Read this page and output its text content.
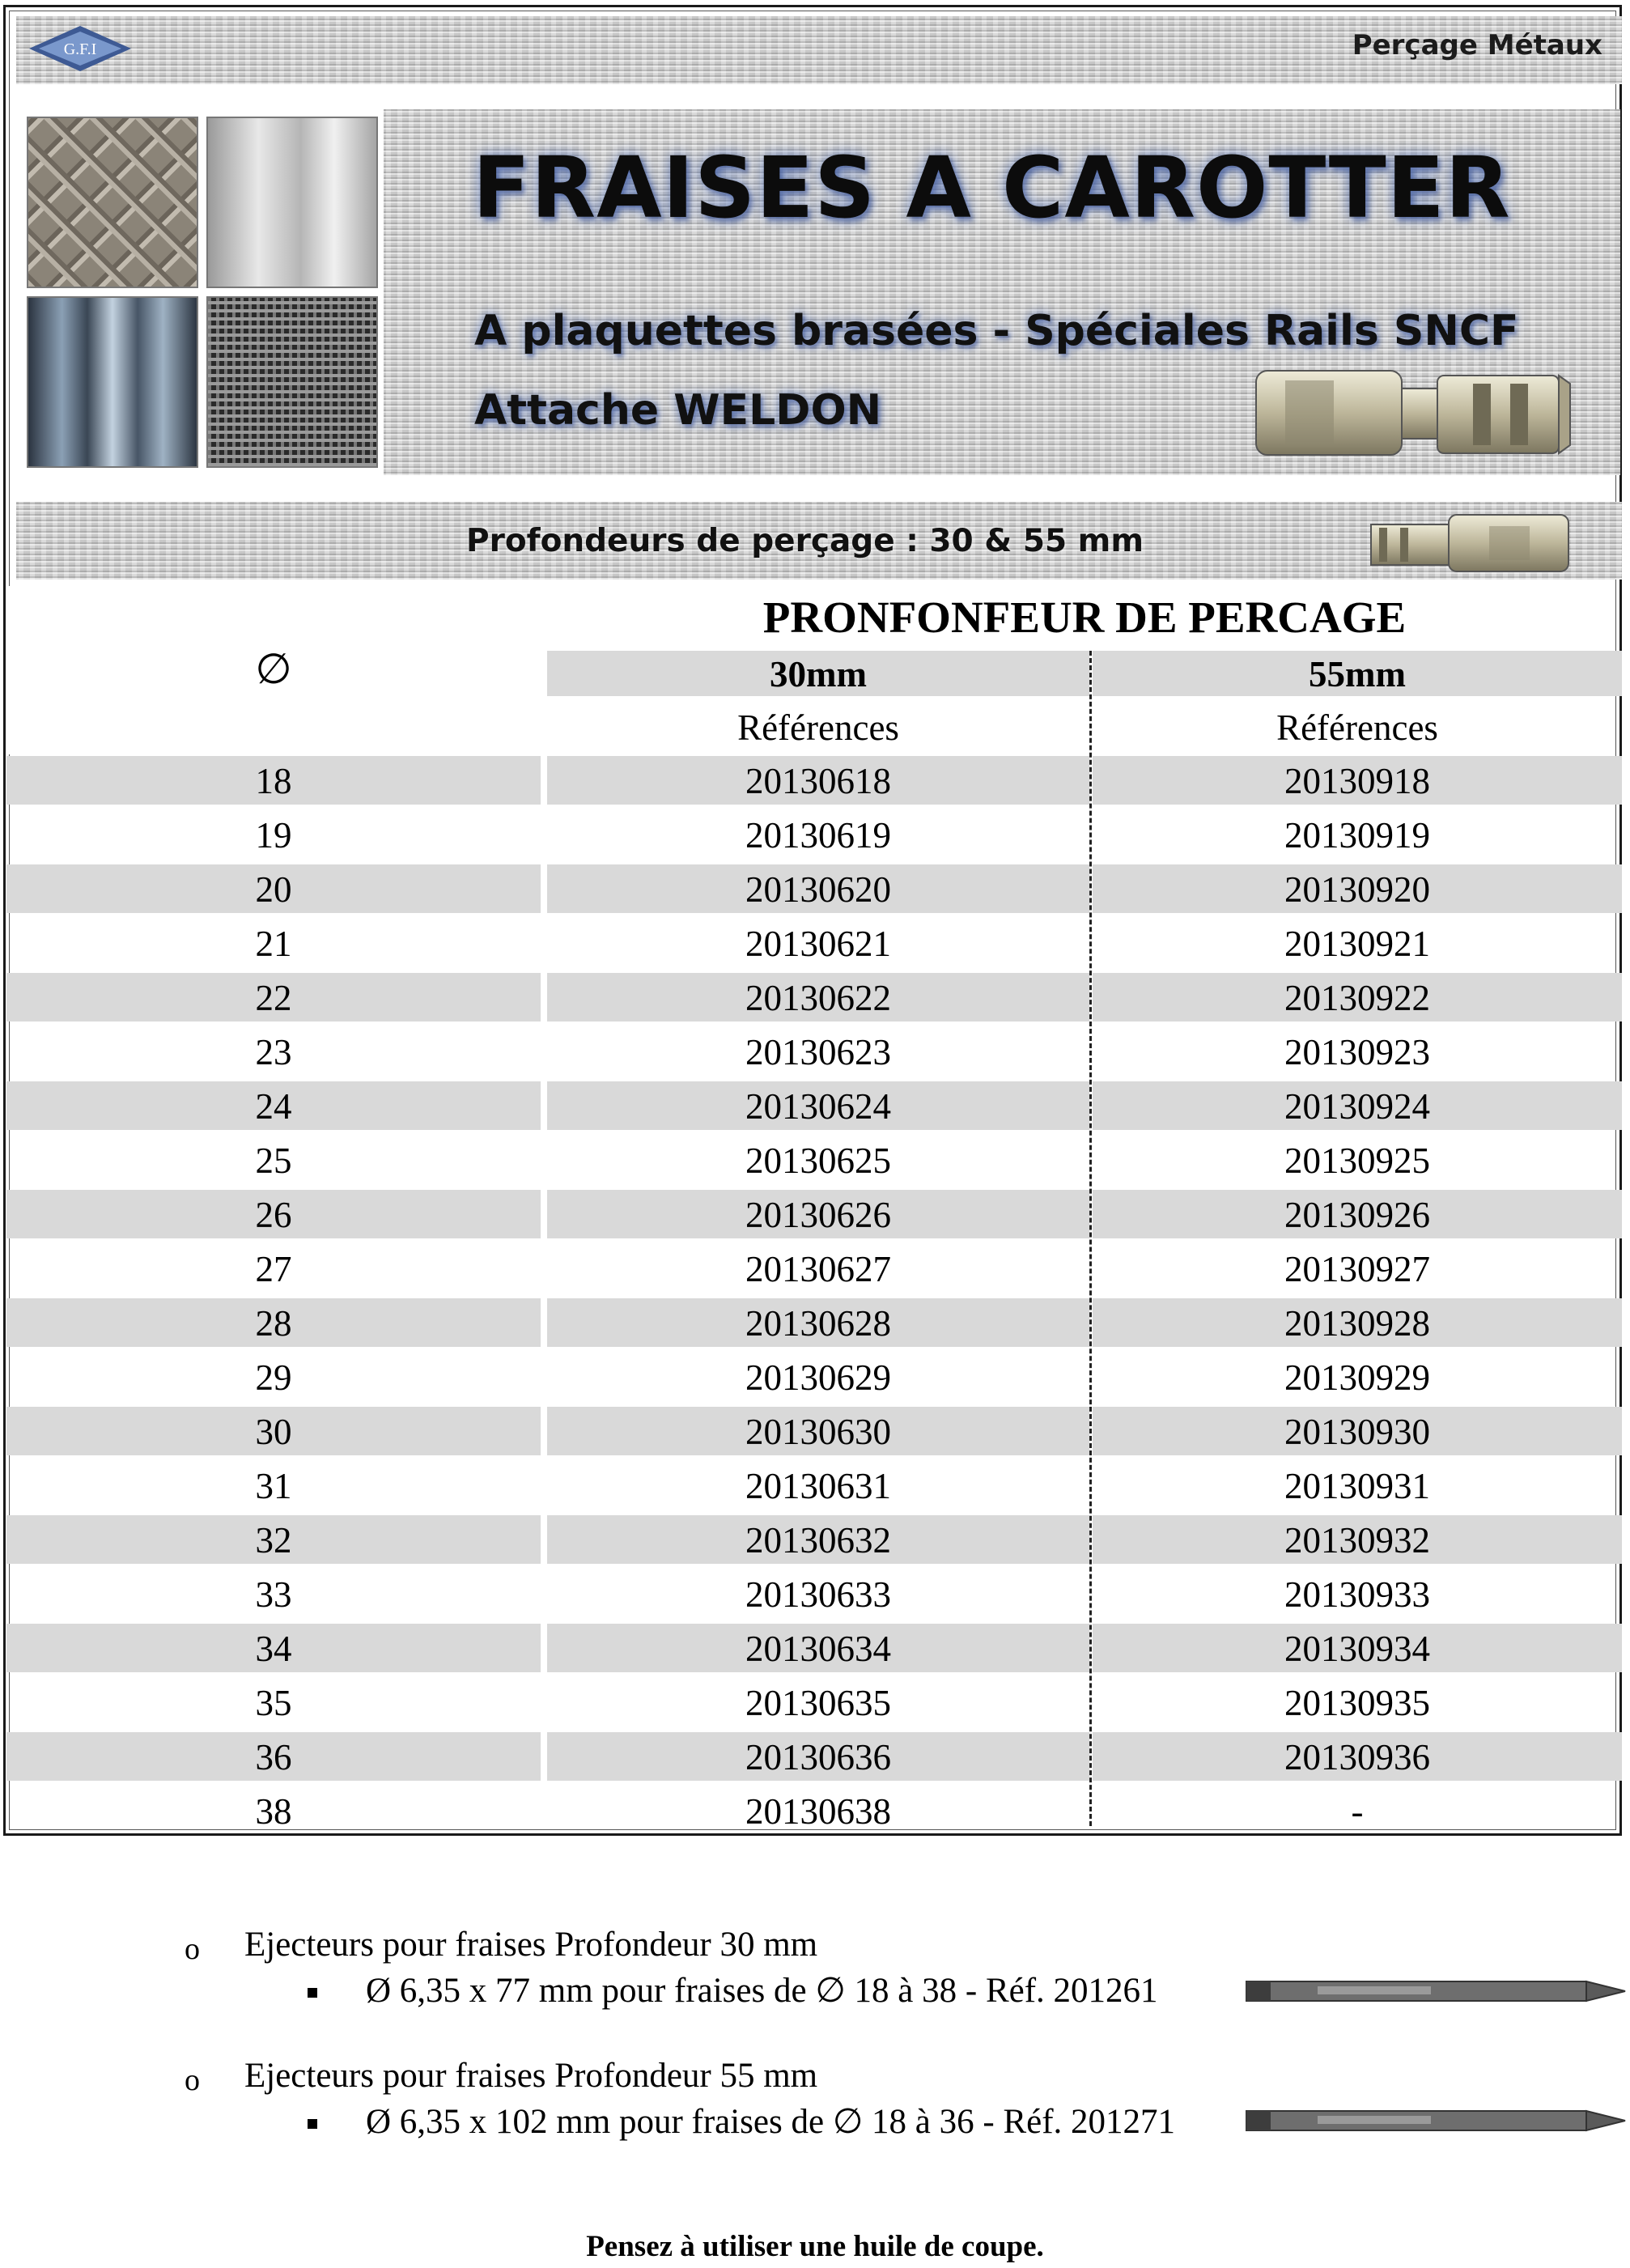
G.F.I	Perçage Métaux
FRAISES A CAROTTER
A plaquettes brasées - Spéciales Rails SNCF
Attache WELDON
Profondeurs de perçage : 30 & 55 mm
∅
PRONFONFEUR DE PERCAGE
30mm	55mm
Références	Références
18	20130618	20130918
19	20130619	20130919
20	20130620	20130920
21	20130621	20130921
22	20130622	20130922
23	20130623	20130923
24	20130624	20130924
25	20130625	20130925
26	20130626	20130926
27	20130627	20130927
28	20130628	20130928
29	20130629	20130929
30	20130630	20130930
31	20130631	20130931
32	20130632	20130932
33	20130633	20130933
34	20130634	20130934
35	20130635	20130935
36	20130636	20130936
38	20130638	-
o Ejecteurs pour fraises Profondeur 30 mm
Ø 6,35 x 77 mm pour fraises de ∅ 18 à 38 - Réf. 201261
o Ejecteurs pour fraises Profondeur 55 mm
Ø 6,35 x 102 mm pour fraises de ∅ 18 à 36 - Réf. 201271
Pensez à utiliser une huile de coupe.
